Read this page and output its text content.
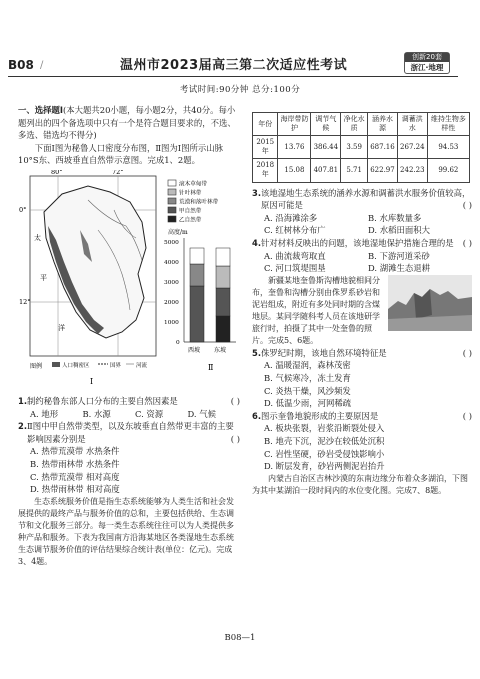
B08 /	温州市2023届高三第二次适应性考试
创新20套
浙江·地理
考试时间:90分钟 总分:100分

一、选择题Ⅰ(本大题共20小题，每小题2分，共40分。每小题列出的四个备选项中只有一个是符合题目要求的，不选、多选、错选均不得分)

下面Ⅰ图为秘鲁人口密度分布图，Ⅱ图为Ⅰ图所示山脉10°S东、西坡垂直自然带示意图。完成1、2题。

80°	72°
0°
12°
太
平
洋
图例	人口稠密区	国界	河流
Ⅰ
滚木草甸带
针叶林带
荒漠和落叶林带
甲自然带
乙自然带
高度/m
5000
4000
3000
2000
1000
0
西坡 东坡
Ⅱ
1. 制约秘鲁东部人口分布的主要自然因素是	( )
A. 地形	B. 水源	C. 资源	D. 气候
2. Ⅱ图中甲自然带类型，以及东坡垂直自然带更丰富的主要影响因素分别是	( )
A. 热带荒漠带 水热条件
B. 热带雨林带 水热条件
C. 热带荒漠带 相对高度
D. 热带雨林带 相对高度

生态系统服务价值是指生态系统能够为人类生活和社会发展提供的最终产品与服务价值的总和，主要包括供给、生态调节和文化服务三部分。每一类生态系统往往可以为人类提供多种产品和服务。下表为我国南方沿海某地区各类湿地生态系统生态调节服务价值的评估结果综合统计表(单位：亿元)。完成3、4题。

年份	海岸带防护	调节气候	净化水质	涵养水源	调蓄洪水	维持生物多样性
2015年	13.76	386.44	3.59	687.16	267.24	94.53
2018年	15.08	407.81	5.71	622.97	242.23	99.62
3. 该地湿地生态系统的涵养水源和调蓄洪水服务价值较高，原因可能是	( )
A. 沿海滩涂多	B. 水库数量多
C. 红树林分布广	D. 水稻田面积大
4. 针对材料反映出的问题，该地湿地保护措施合理的是 ( )
A. 曲流裁弯取直	B. 下游河道采砂
C. 河口筑堤围垦	D. 湖滩生态退耕

新疆某地奎鲁斯沟槽地貌相间分布，奎鲁和沟槽分别由侏罗系砂岩和泥岩组成，附近有多处同时期的含煤地层。某同学随科考人员在该地研学旅行时，拍摄了其中一处奎鲁的照片。完成5、6题。

5. 侏罗纪时期，该地自然环境特征是	( )
A. 温暖湿润，森林茂密
B. 气候寒冷，冻土发育
C. 炎热干燥，风沙频发
D. 低温少雨，河网稀疏
6. 图示奎鲁地貌形成的主要原因是	( )
A. 板块张裂，岩浆沿断裂处侵入
B. 地壳下沉，泥沙在较低处沉积
C. 岩性坚硬，砂岩受侵蚀影响小
D. 断层发育，砂岩两侧泥岩抬升

内蒙古自治区吉林沙漠的东南边缘分布着众多湖泊，下图为其中某湖泊一段时间内的水位变化图。完成7、8题。

B08—1
